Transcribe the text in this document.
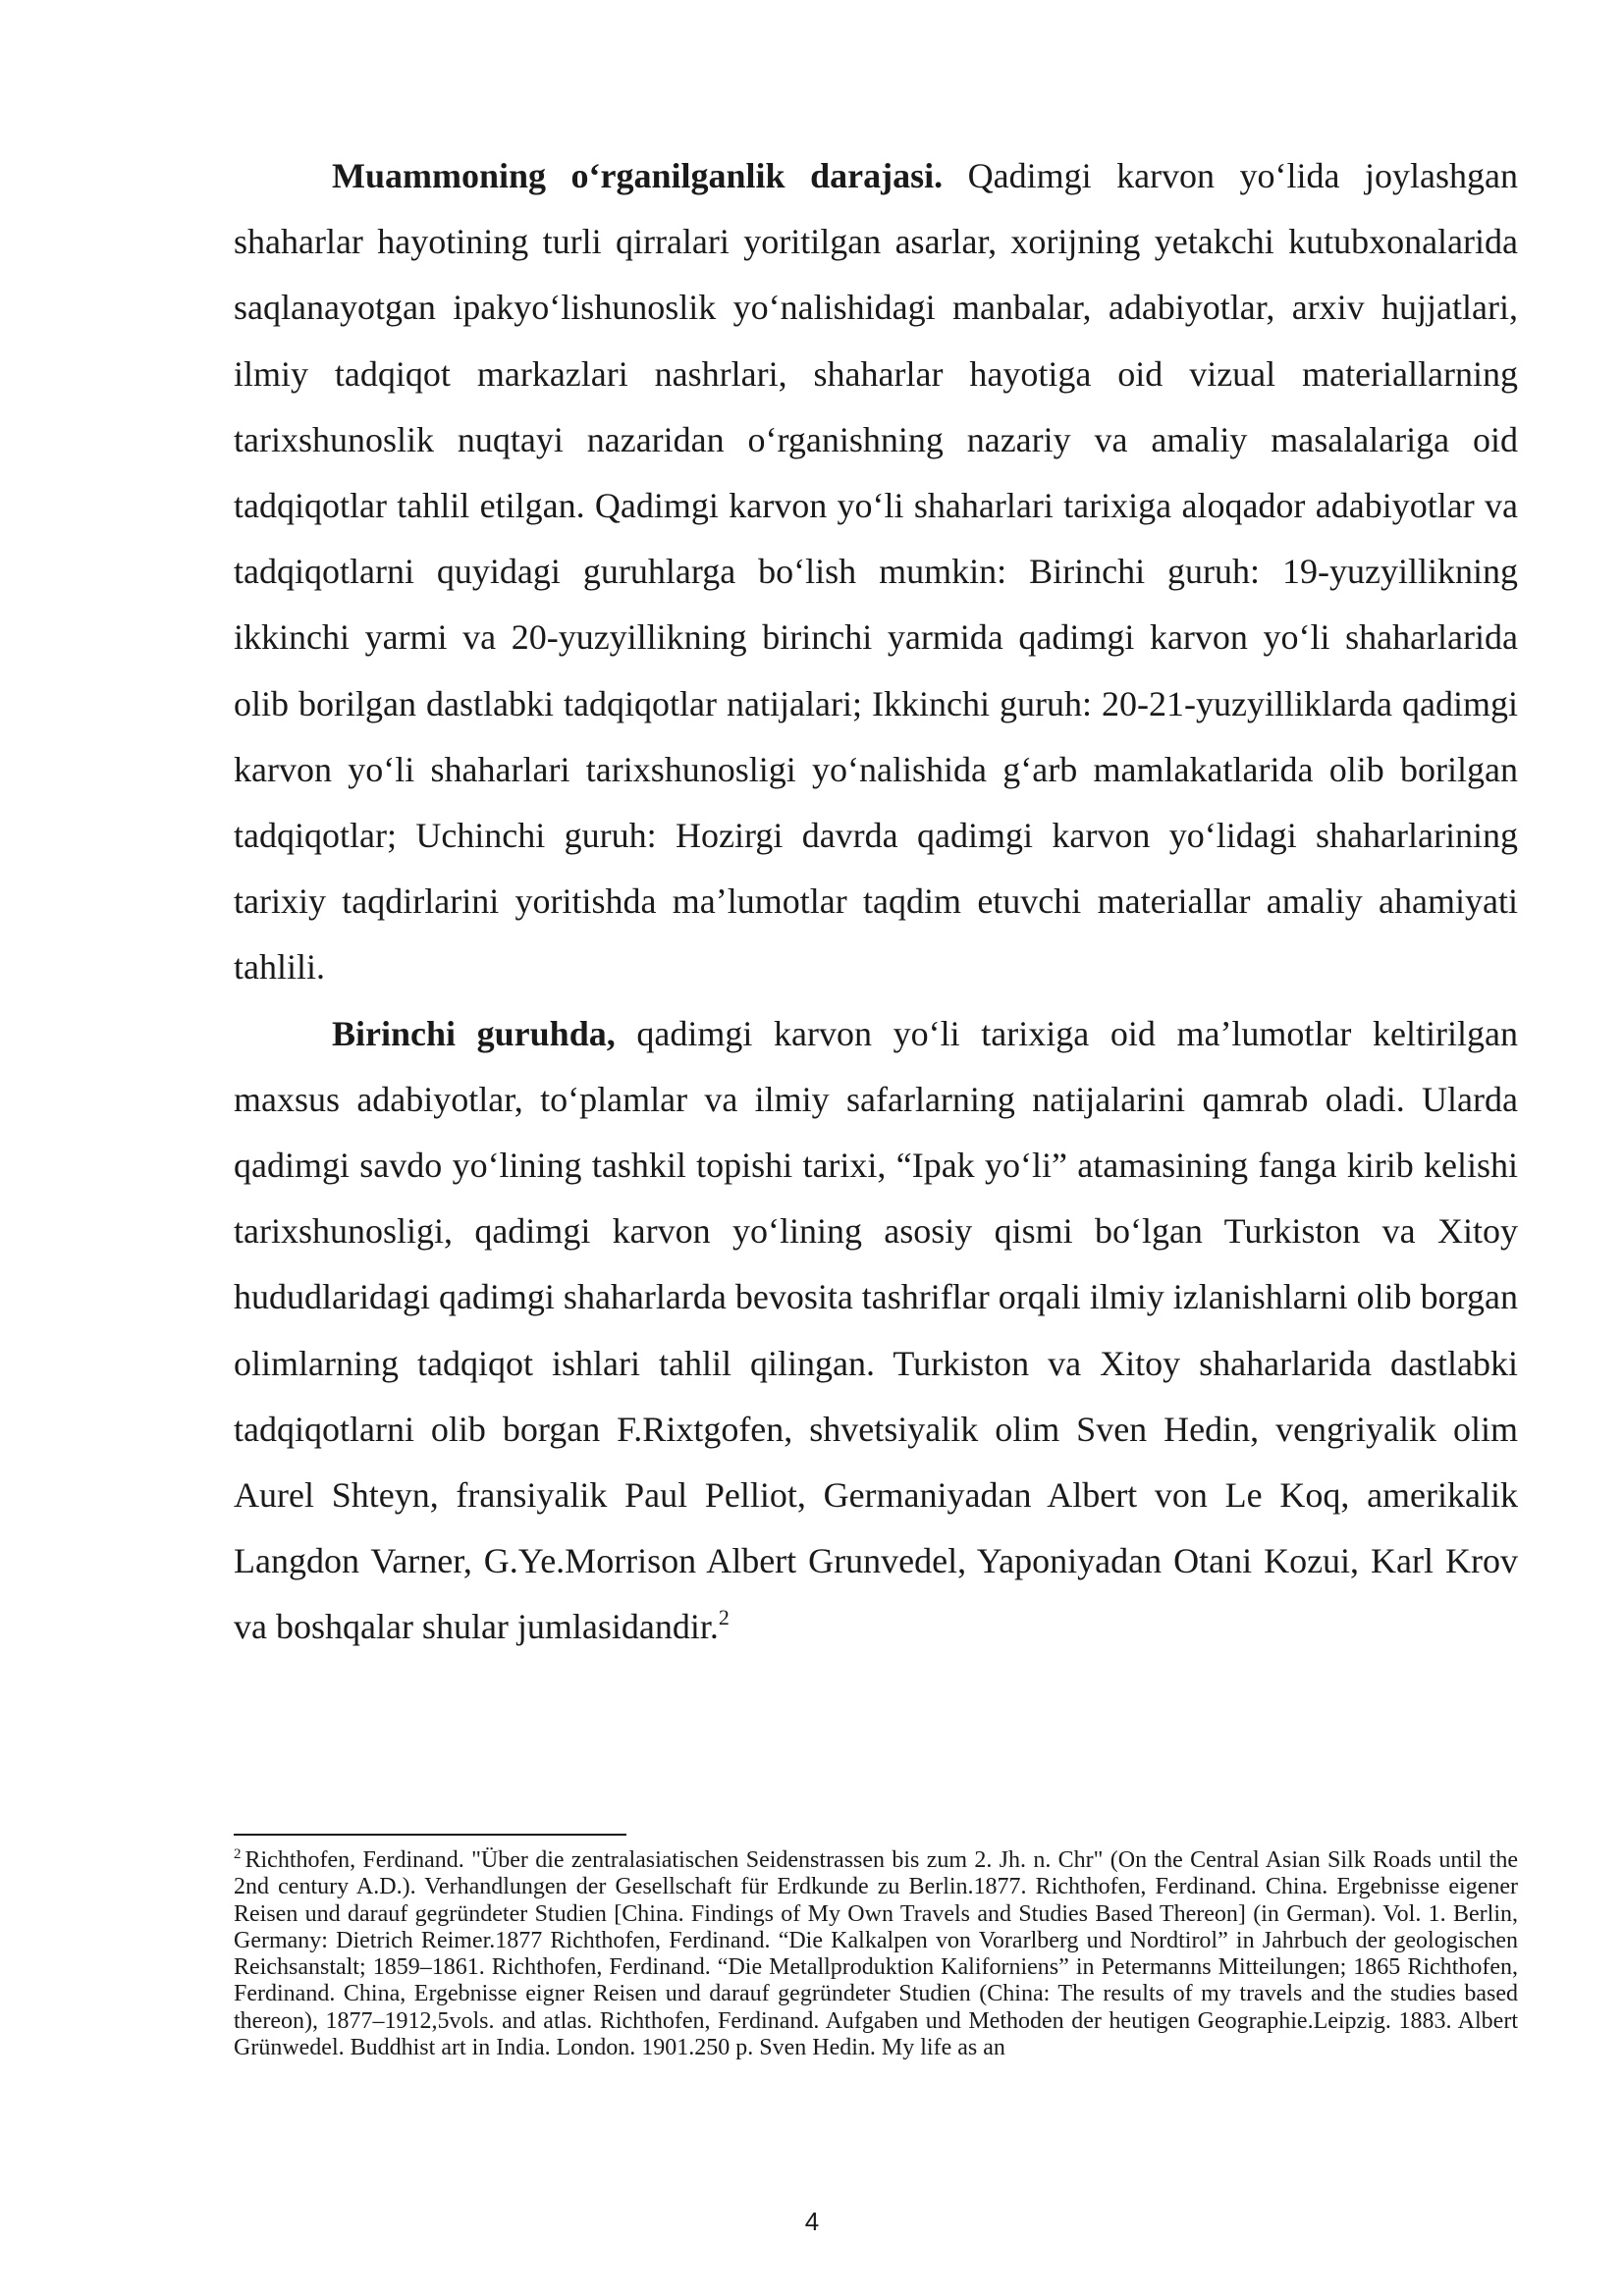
Muammoning oʻrganilganlik darajasi. Qadimgi karvon yoʻlida joylashgan shaharlar hayotining turli qirralari yoritilgan asarlar, xorijning yetakchi kutubxonalarida saqlanayotgan ipakyoʻlishunoslik yoʻnalishidagi manbalar, adabiyotlar, arxiv hujjatlari, ilmiy tadqiqot markazlari nashrlari, shaharlar hayotiga oid vizual materiallarning tarixshunoslik nuqtayi nazaridan oʻrganishning nazariy va amaliy masalalariga oid tadqiqotlar tahlil etilgan. Qadimgi karvon yoʻli shaharlari tarixiga aloqador adabiyotlar va tadqiqotlarni quyidagi guruhlarga boʻlish mumkin: Birinchi guruh: 19-yuzyillikning ikkinchi yarmi va 20-yuzyillikning birinchi yarmida qadimgi karvon yoʻli shaharlarida olib borilgan dastlabki tadqiqotlar natijalari; Ikkinchi guruh: 20-21-yuzyilliklarda qadimgi karvon yoʻli shaharlari tarixshunosligi yoʻnalishida gʻarb mamlakatlarida olib borilgan tadqiqotlar; Uchinchi guruh: Hozirgi davrda qadimgi karvon yoʻlidagi shaharlarining tarixiy taqdirlarini yoritishda maʼlumotlar taqdim etuvchi materiallar amaliy ahamiyati tahlili.

Birinchi guruhda, qadimgi karvon yoʻli tarixiga oid maʼlumotlar keltirilgan maxsus adabiyotlar, toʻplamlar va ilmiy safarlarning natijalarini qamrab oladi. Ularda qadimgi savdo yoʻlining tashkil topishi tarixi, “Ipak yoʻli” atamasining fanga kirib kelishi tarixshunosligi, qadimgi karvon yoʻlining asosiy qismi boʻlgan Turkiston va Xitoy hududlaridagi qadimgi shaharlarda bevosita tashriflar orqali ilmiy izlanishlarni olib borgan olimlarning tadqiqot ishlari tahlil qilingan. Turkiston va Xitoy shaharlarida dastlabki tadqiqotlarni olib borgan F.Rixtgofen, shvetsiyalik olim Sven Hedin, vengriyalik olim Aurel Shteyn, fransiyalik Paul Pelliot, Germaniyadan Albert von Le Koq, amerikalik Langdon Varner, G.Ye.Morrison Albert Grunvedel, Yaponiyadan Otani Kozui, Karl Krov va boshqalar shular jumlasidandir.$^2$

$^2$ Richthofen, Ferdinand. "Über die zentralasiatischen Seidenstrassen bis zum 2. Jh. n. Chr" (On the Central Asian Silk Roads until the 2nd century A.D.). Verhandlungen der Gesellschaft für Erdkunde zu Berlin.1877. Richthofen, Ferdinand. China. Ergebnisse eigener Reisen und darauf gegründeter Studien [China. Findings of My Own Travels and Studies Based Thereon] (in German). Vol. 1. Berlin, Germany: Dietrich Reimer.1877 Richthofen, Ferdinand. “Die Kalkalpen von Vorarlberg und Nordtirol” in Jahrbuch der geologischen Reichsanstalt; 1859–1861. Richthofen, Ferdinand. “Die Metallproduktion Kaliforniens” in Petermanns Mitteilungen; 1865 Richthofen, Ferdinand. China, Ergebnisse eigner Reisen und darauf gegründeter Studien (China: The results of my travels and the studies based thereon), 1877–1912,5vols. and atlas. Richthofen, Ferdinand. Aufgaben und Methoden der heutigen Geographie.Leipzig. 1883. Albert Grünwedel. Buddhist art in India. London. 1901.250 p. Sven Hedin. My life as an

4
